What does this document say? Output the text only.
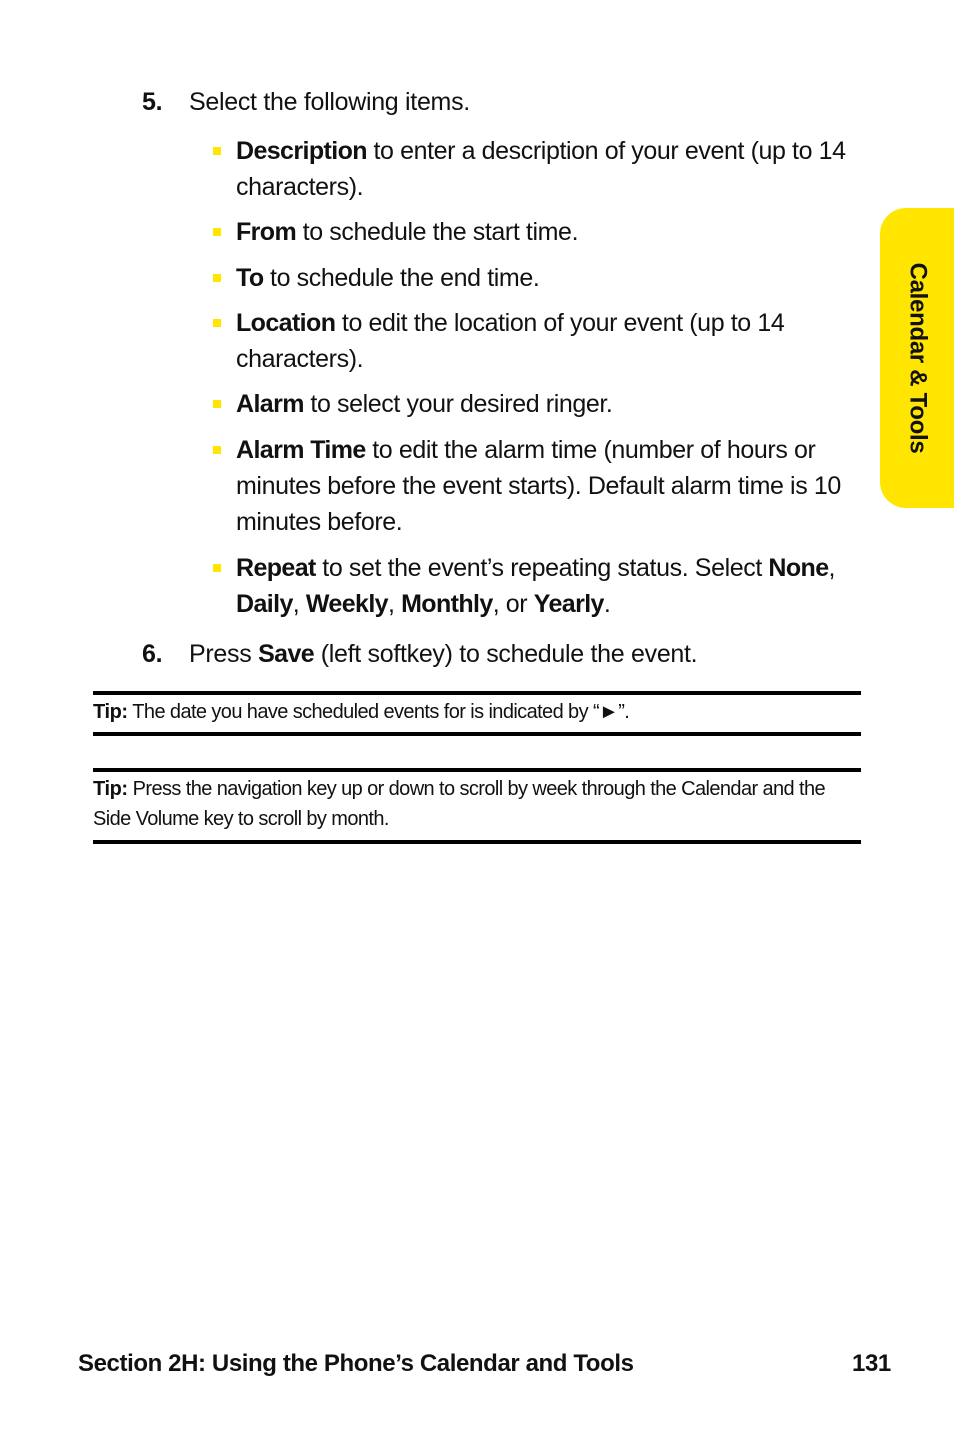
Calendar & Tools
5. Select the following items.
Description to enter a description of your event (up to 14 characters).
From to schedule the start time.
To to schedule the end time.
Location to edit the location of your event (up to 14 characters).
Alarm to select your desired ringer.
Alarm Time to edit the alarm time (number of hours or minutes before the event starts). Default alarm time is 10 minutes before.
Repeat to set the event’s repeating status. Select None, Daily, Weekly, Monthly, or Yearly.
6. Press Save (left softkey) to schedule the event.
Tip: The date you have scheduled events for is indicated by “►”.
Tip: Press the navigation key up or down to scroll by week through the Calendar and the Side Volume key to scroll by month.
Section 2H: Using the Phone’s Calendar and Tools	131
